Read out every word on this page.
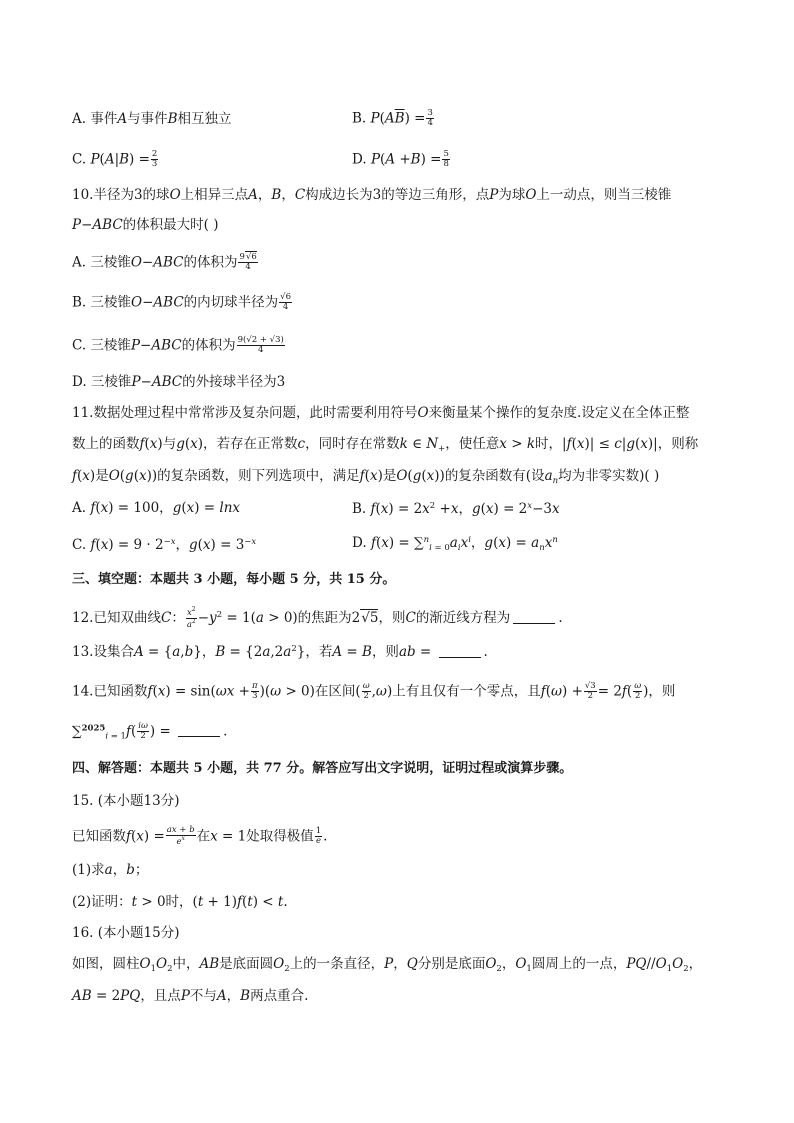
A. 事件A与事件B相互独立	B. $P(A\overline{B}) = \frac{3}{4}$
C. $P(A|B) = \frac{2}{3}$	D. $P(A +B) = \frac{5}{8}$
10.半径为3的球O上相异三点A，B，C构成边长为3的等边三角形，点P为球O上一动点，则当三棱锥
P−ABC的体积最大时( )
A. 三棱锥O−ABC的体积为 $\frac{9√6}{4}$
B. 三棱锥O−ABC的内切球半径为 $\frac{√6}{4}$
C. 三棱锥P−ABC的体积为 $\frac{9(√2 + √3)}{4}$
D. 三棱锥P−ABC的外接球半径为3
11.数据处理过程中常常涉及复杂问题，此时需要利用符号O来衡量某个操作的复杂度.设定义在全体正整
数上的函数f(x)与g(x)，若存在正常数c，同时存在常数k ∈ $N_+$，使任意x > k时，|f(x)| ≤ c|g(x)|，则称
f(x)是O(g(x))的复杂函数，则下列选项中，满足f(x)是O(g(x))的复杂函数有(设$a_n$均为非零实数)( )
A. f(x) = 100，g(x) = lnx	B. $f(x) = 2x^2 +x$，$g(x) = 2^x-3x$
C. $f(x) = 9 \cdot 2^{-x}$，$g(x) = 3^{-x}$	D. $f(x) = \sum^n_{i = 0}a_ix^i$，$g(x) = a_nx^n$
三、填空题：本题共 3 小题，每小题 5 分，共 15 分。
12.已知双曲线C： $\frac{x^2}{a^2} -y^2 = 1(a > 0)$的焦距为2√5，则C的渐近线方程为	.
13.设集合A = {a,b}，$B = \{2a,2a^2\}$，若A = B，则ab =	.
14.已知函数$f(x) = \sin(\omega x + \frac{\pi}{3} )(\omega > 0)$在区间( $\frac{\omega}{2} ,\omega$)上有且仅有一个零点，且$f(\omega) + \frac{√3}{2} = 2f( \frac{\omega}{2}$ )，则
$\sum^{2025}_{i = 1}f( \frac{i\omega}{2}$ ) =	.
四、解答题：本题共 5 小题，共 77 分。解答应写出文字说明，证明过程或演算步骤。
15. (本小题13分)
已知函数$f(x) = \frac{ax + b}{e^x}$ 在x = 1处取得极值 $\frac{1}{e}$ .
(1)求a，b；
(2)证明：t > 0时，(t + 1)f(t) < t.
16. (本小题15分)
如图，圆柱$O_1O_2$中，AB是底面圆$O_2$上的一条直径，P，Q分别是底面$O_2$，$O_1$圆周上的一点，$PQ//O_1O_2$，
AB = 2PQ，且点P不与A，B两点重合.
